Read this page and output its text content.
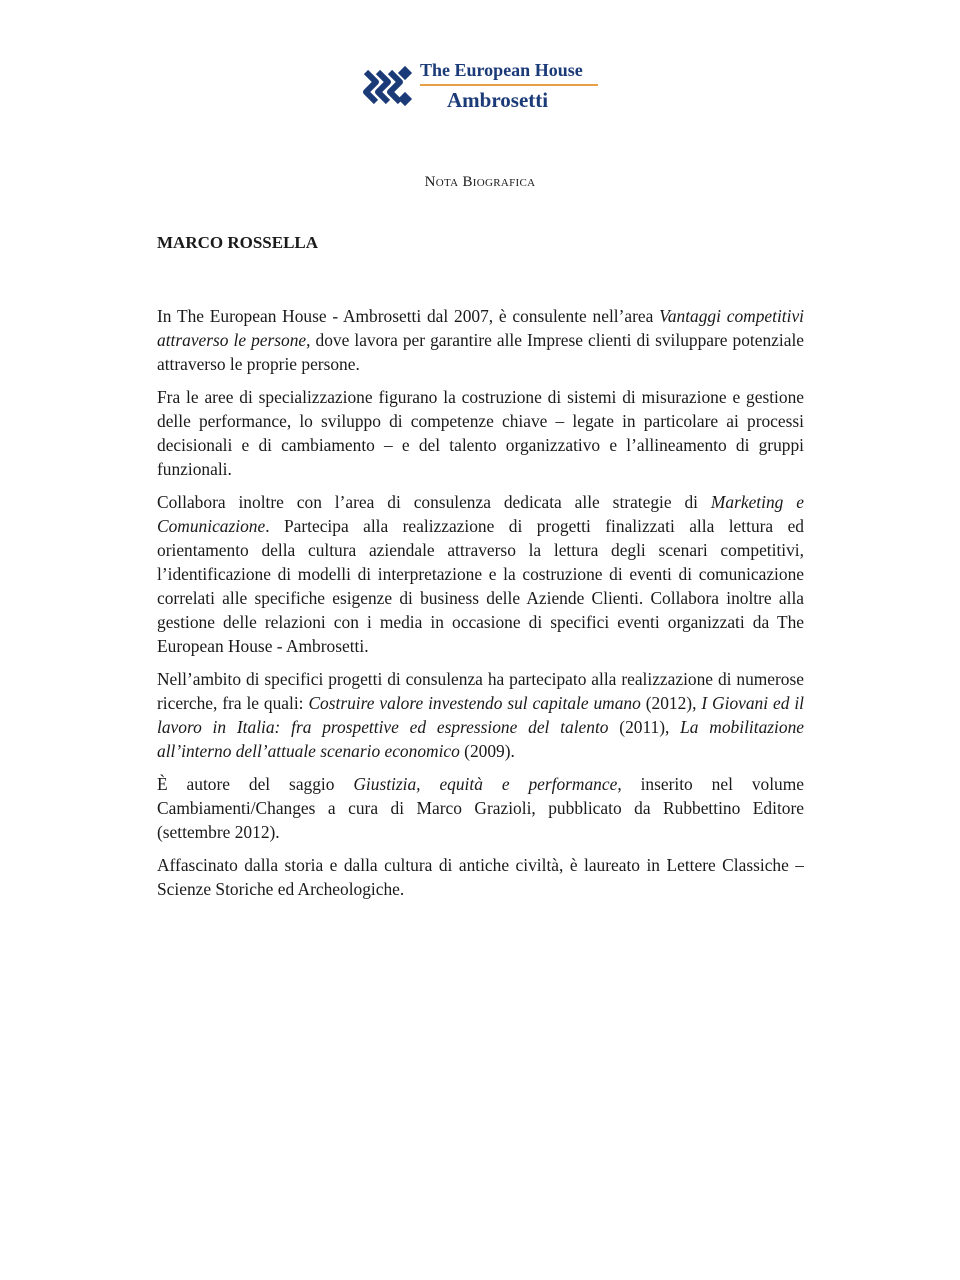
The European House
Ambrosetti
Nota Biografica
MARCO ROSSELLA

In The European House - Ambrosetti dal 2007, è consulente nell’area Vantaggi competitivi attraverso le persone, dove lavora per garantire alle Imprese clienti di sviluppare potenziale attraverso le proprie persone.

Fra le aree di specializzazione figurano la costruzione di sistemi di misurazione e gestione delle performance, lo sviluppo di competenze chiave – legate in particolare ai processi decisionali e di cambiamento – e del talento organizzativo e l’allineamento di gruppi funzionali.

Collabora inoltre con l’area di consulenza dedicata alle strategie di Marketing e Comunicazione. Partecipa alla realizzazione di progetti finalizzati alla lettura ed orientamento della cultura aziendale attraverso la lettura degli scenari competitivi, l’identificazione di modelli di interpretazione e la costruzione di eventi di comunicazione correlati alle specifiche esigenze di business delle Aziende Clienti. Collabora inoltre alla gestione delle relazioni con i media in occasione di specifici eventi organizzati da The European House - Ambrosetti.

Nell’ambito di specifici progetti di consulenza ha partecipato alla realizzazione di numerose ricerche, fra le quali: Costruire valore investendo sul capitale umano (2012), I Giovani ed il lavoro in Italia: fra prospettive ed espressione del talento (2011), La mobilitazione all’interno dell’attuale scenario economico (2009).

È autore del saggio Giustizia, equità e performance, inserito nel volume Cambiamenti/Changes a cura di Marco Grazioli, pubblicato da Rubbettino Editore (settembre 2012).

Affascinato dalla storia e dalla cultura di antiche civiltà, è laureato in Lettere Classiche – Scienze Storiche ed Archeologiche.
